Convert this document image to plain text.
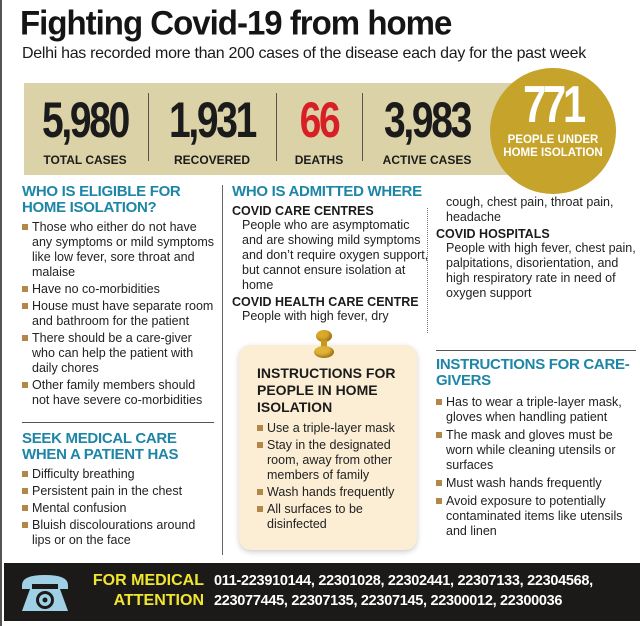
Fighting Covid-19 from home
Delhi has recorded more than 200 cases of the disease each day for the past week
5,980
TOTAL CASES
1,931
RECOVERED
66
DEATHS
3,983
ACTIVE CASES
771
PEOPLE UNDER HOME ISOLATION
WHO IS ELIGIBLE FOR HOME ISOLATION?
Those who either do not have any symptoms or mild symptoms like low fever, sore throat and malaise
Have no co-morbidities
House must have separate room and bathroom for the patient
There should be a care-giver who can help the patient with daily chores
Other family members should not have severe co-morbidities
SEEK MEDICAL CARE WHEN A PATIENT HAS
Difficulty breathing
Persistent pain in the chest
Mental confusion
Bluish discolourations around lips or on the face
WHO IS ADMITTED WHERE
COVID CARE CENTRES
People who are asymptomatic and are showing mild symptoms and don’t require oxygen support, but cannot ensure isolation at home
COVID HEALTH CARE CENTRE
People with high fever, dry
cough, chest pain, throat pain, headache
COVID HOSPITALS
People with high fever, chest pain, palpitations, disorientation, and high respiratory rate in need of oxygen support
INSTRUCTIONS FOR PEOPLE IN HOME ISOLATION
Use a triple-layer mask
Stay in the designated room, away from other members of family
Wash hands frequently
All surfaces to be disinfected
INSTRUCTIONS FOR CARE-GIVERS
Has to wear a triple-layer mask, gloves when handling patient
The mask and gloves must be worn while cleaning utensils or surfaces
Must wash hands frequently
Avoid exposure to potentially contaminated items like utensils and linen
FOR MEDICAL
ATTENTION
011-223910144, 22301028, 22302441, 22307133, 22304568,
223077445, 22307135, 22307145, 22300012, 22300036
